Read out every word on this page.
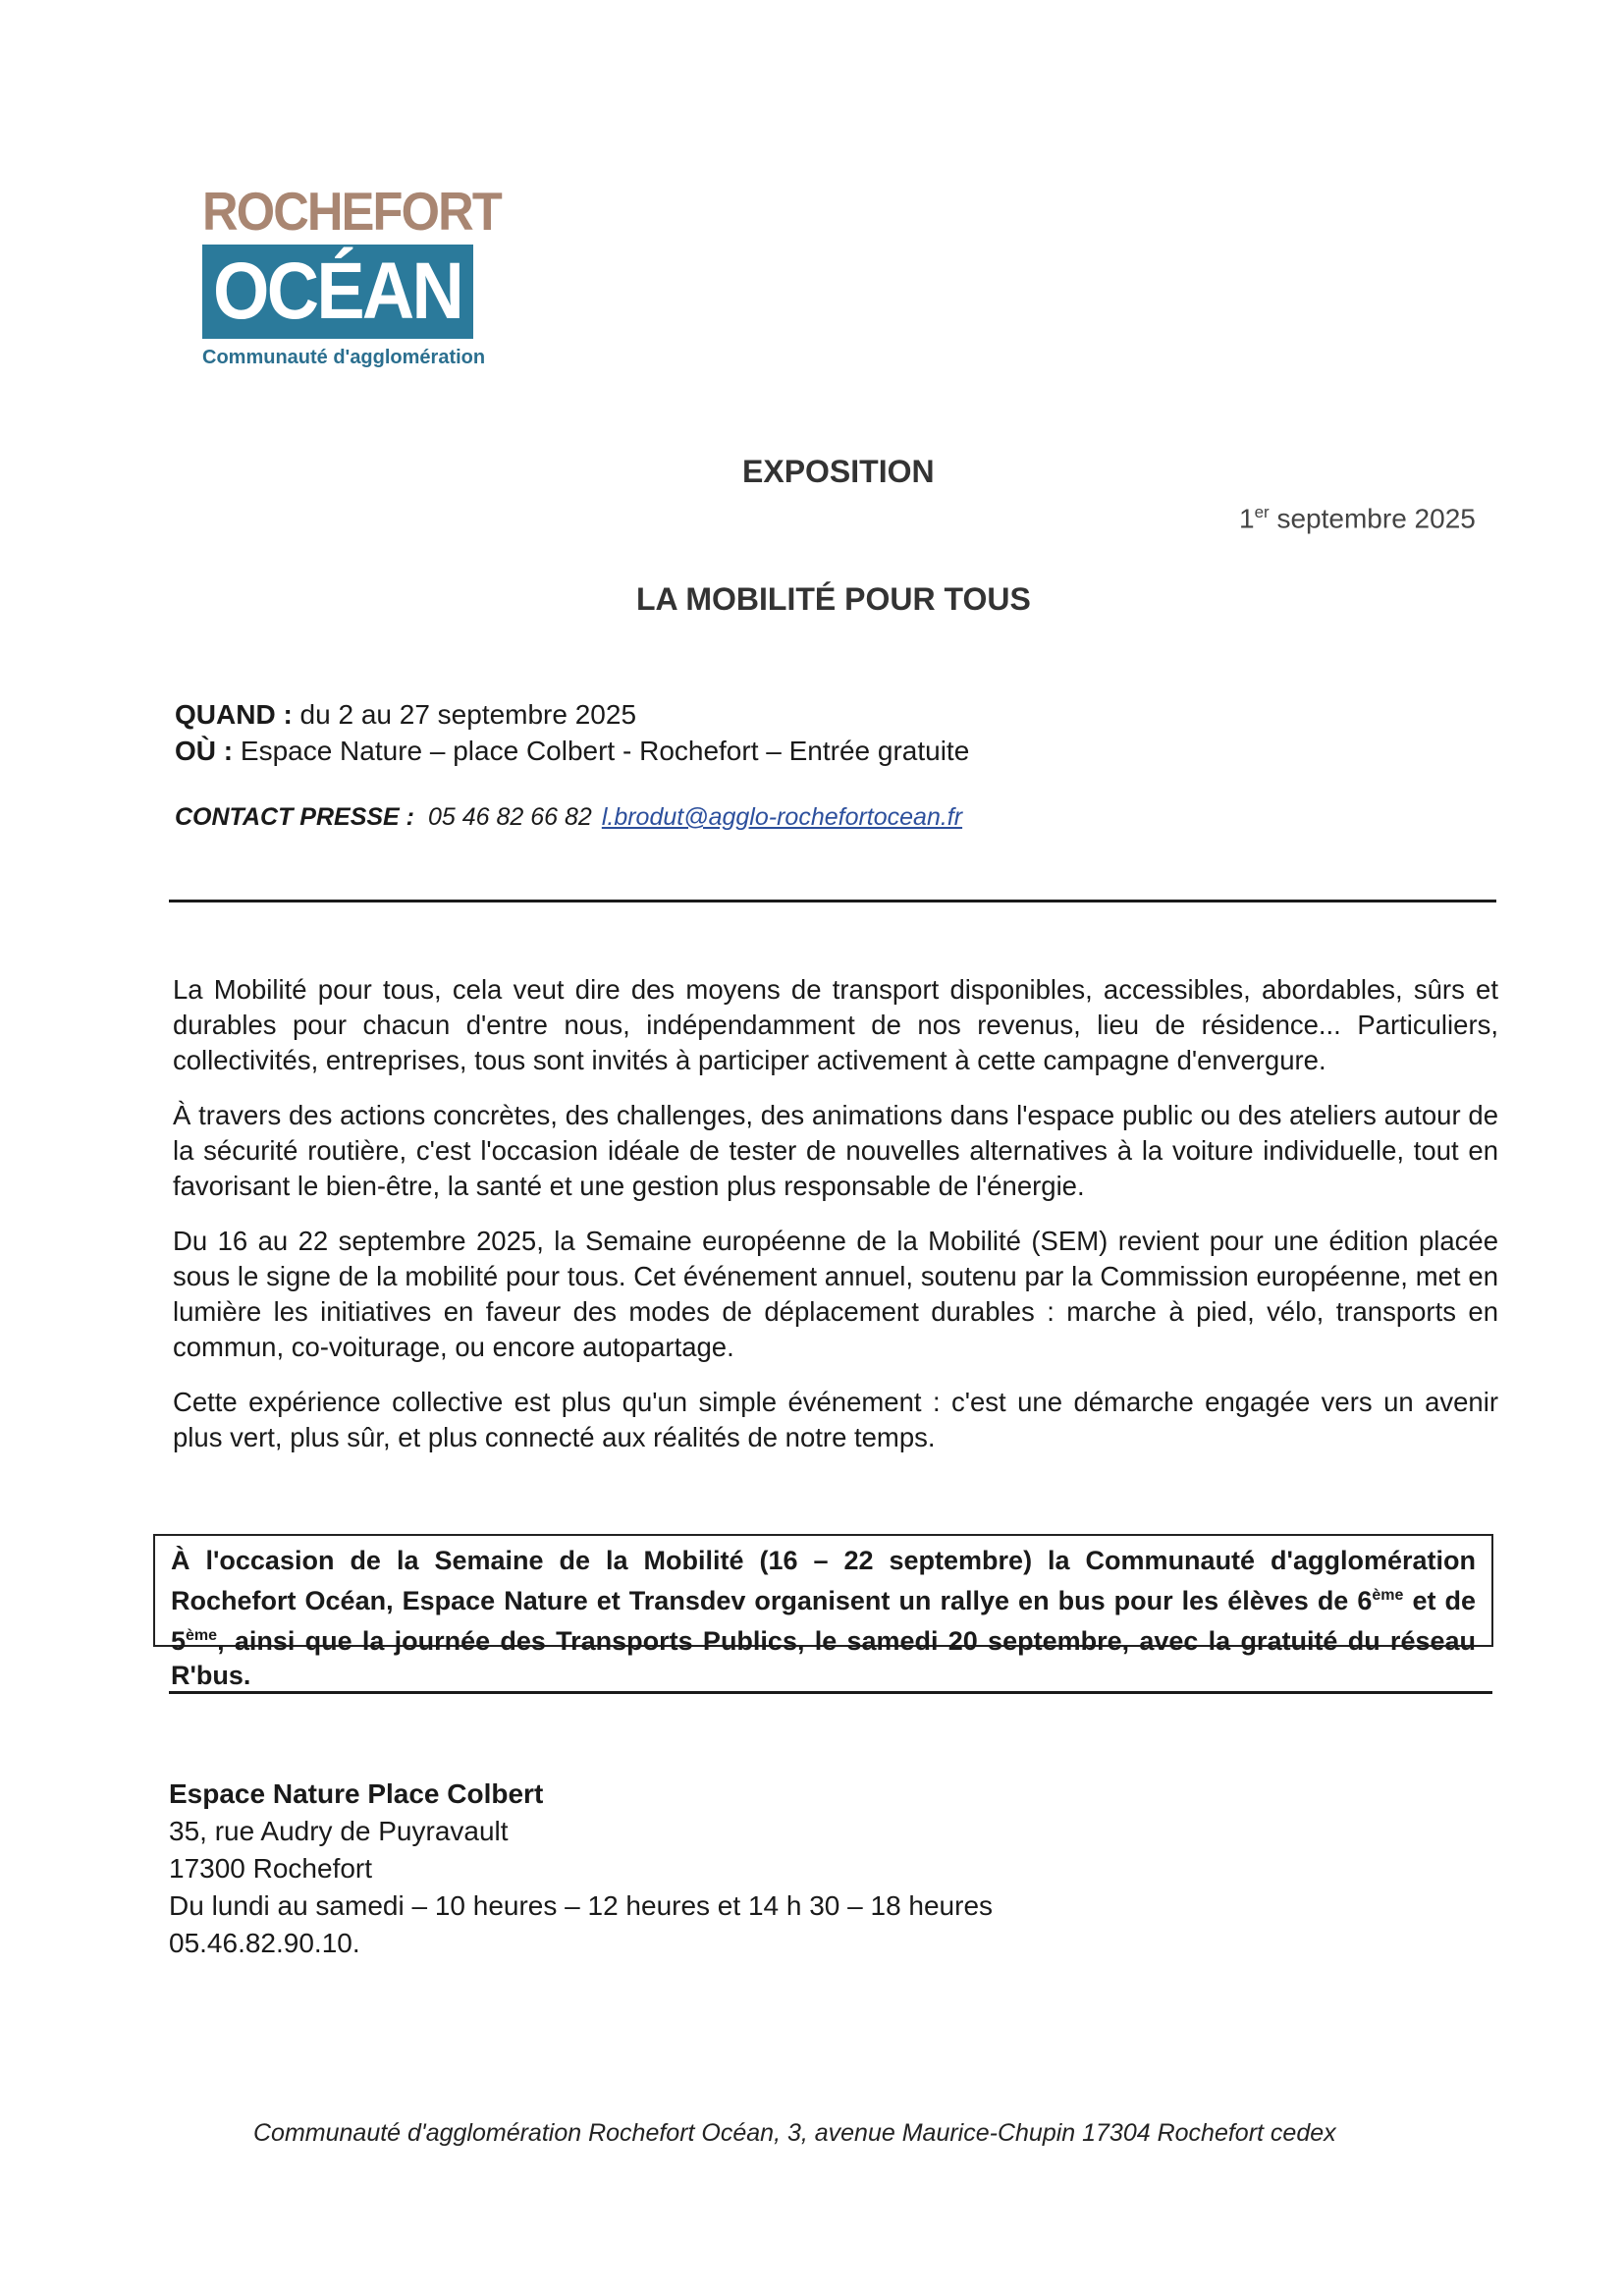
ROCHEFORT
OCÉAN
Communauté d'agglomération
EXPOSITION
1er septembre 2025
LA MOBILITÉ POUR TOUS
QUAND : du 2 au 27 septembre 2025
OÙ : Espace Nature – place Colbert - Rochefort – Entrée gratuite
CONTACT PRESSE : 05 46 82 66 82 l.brodut@agglo-rochefortocean.fr
La Mobilité pour tous, cela veut dire des moyens de transport disponibles, accessibles, abordables, sûrs et durables pour chacun d'entre nous, indépendamment de nos revenus, lieu de résidence... Particuliers, collectivités, entreprises, tous sont invités à participer activement à cette campagne d'envergure.
À travers des actions concrètes, des challenges, des animations dans l'espace public ou des ateliers autour de la sécurité routière, c'est l'occasion idéale de tester de nouvelles alternatives à la voiture individuelle, tout en favorisant le bien-être, la santé et une gestion plus responsable de l'énergie.
Du 16 au 22 septembre 2025, la Semaine européenne de la Mobilité (SEM) revient pour une édition placée sous le signe de la mobilité pour tous. Cet événement annuel, soutenu par la Commission européenne, met en lumière les initiatives en faveur des modes de déplacement durables : marche à pied, vélo, transports en commun, co-voiturage, ou encore autopartage.
Cette expérience collective est plus qu'un simple événement : c'est une démarche engagée vers un avenir plus vert, plus sûr, et plus connecté aux réalités de notre temps.
À l'occasion de la Semaine de la Mobilité (16 – 22 septembre) la Communauté d'agglomération Rochefort Océan, Espace Nature et Transdev organisent un rallye en bus pour les élèves de 6ème et de 5ème, ainsi que la journée des Transports Publics, le samedi 20 septembre, avec la gratuité du réseau R'bus.
Espace Nature Place Colbert
35, rue Audry de Puyravault
17300 Rochefort
Du lundi au samedi – 10 heures – 12 heures et 14 h 30 – 18 heures
05.46.82.90.10.
Communauté d'agglomération Rochefort Océan, 3, avenue Maurice-Chupin 17304 Rochefort cedex
